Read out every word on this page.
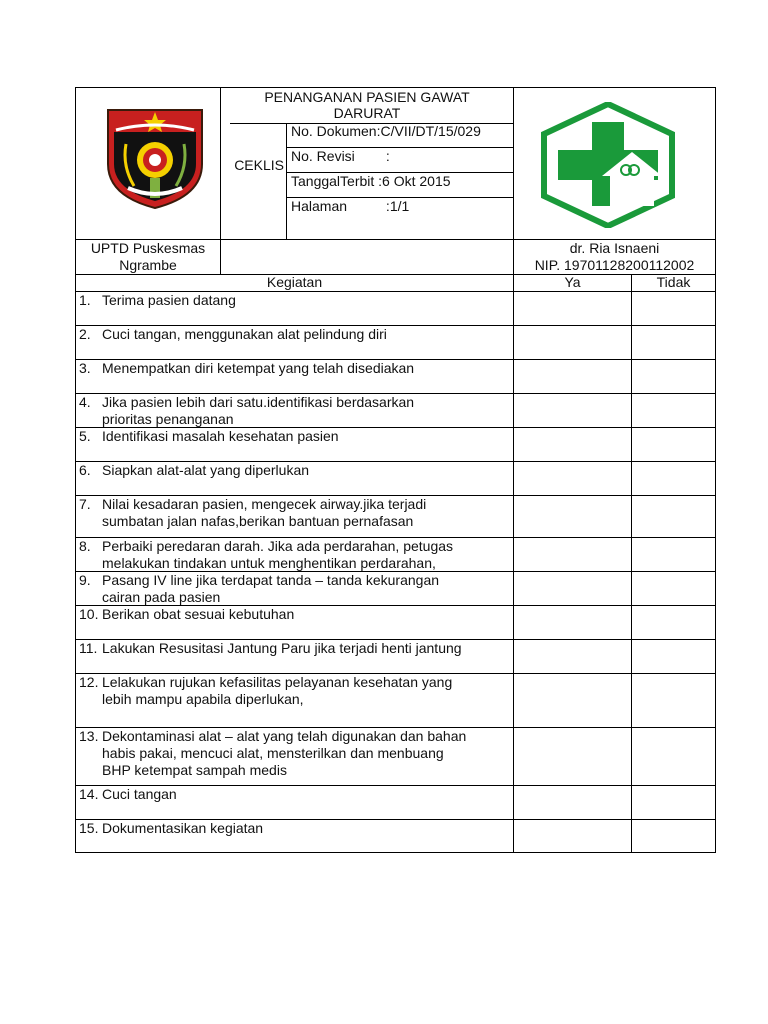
PENANGANAN PASIEN GAWAT
DARURAT
CEKLIS
No. Dokumen:C/VII/DT/15/029
No. Revisi        :
TanggalTerbit :6 Okt 2015
Halaman          :1/1
UPTD Puskesmas
Ngrambe
dr. Ria Isnaeni
NIP. 19701128200112002
Kegiatan	Ya	Tidak
1. Terima pasien datang
2. Cuci tangan, menggunakan alat pelindung diri
3. Menempatkan diri ketempat yang telah disediakan
4. Jika pasien lebih dari satu.identifikasi berdasarkan
prioritas penanganan
5. Identifikasi masalah kesehatan pasien
6. Siapkan alat-alat yang diperlukan
7. Nilai kesadaran pasien, mengecek airway.jika terjadi
sumbatan jalan nafas,berikan bantuan pernafasan
8. Perbaiki peredaran darah. Jika ada perdarahan, petugas
melakukan tindakan untuk menghentikan perdarahan,
9. Pasang IV line jika terdapat tanda – tanda kekurangan
cairan pada pasien
10. Berikan obat sesuai kebutuhan
11. Lakukan Resusitasi Jantung Paru jika terjadi henti jantung
12. Lelakukan rujukan kefasilitas pelayanan kesehatan yang
lebih mampu apabila diperlukan,
13. Dekontaminasi alat – alat yang telah digunakan dan bahan
habis pakai, mencuci alat, mensterilkan dan menbuang
BHP ketempat sampah medis
14. Cuci tangan
15. Dokumentasikan kegiatan
